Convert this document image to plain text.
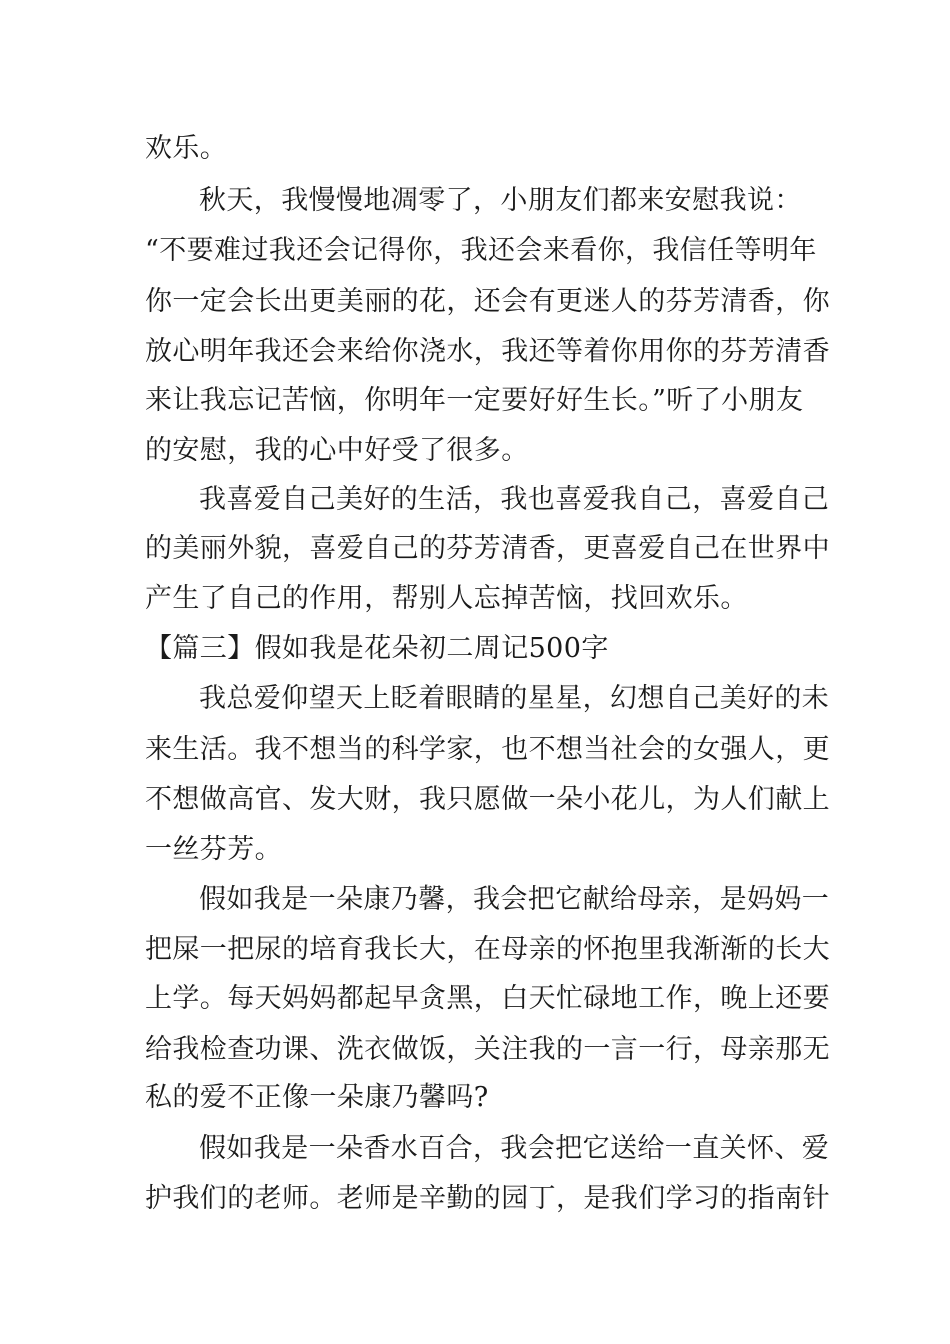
欢乐。
秋天，我慢慢地凋零了，小朋友们都来安慰我说：
“不要难过我还会记得你，我还会来看你，我信任等明年
你一定会长出更美丽的花，还会有更迷人的芬芳清香，你
放心明年我还会来给你浇水，我还等着你用你的芬芳清香
来让我忘记苦恼，你明年一定要好好生长。”听了小朋友
的安慰，我的心中好受了很多。
我喜爱自己美好的生活，我也喜爱我自己，喜爱自己
的美丽外貌，喜爱自己的芬芳清香，更喜爱自己在世界中
产生了自己的作用，帮别人忘掉苦恼，找回欢乐。
【篇三】假如我是花朵初二周记500字
我总爱仰望天上眨着眼睛的星星，幻想自己美好的未
来生活。我不想当的科学家，也不想当社会的女强人，更
不想做高官、发大财，我只愿做一朵小花儿，为人们献上
一丝芬芳。
假如我是一朵康乃馨，我会把它献给母亲，是妈妈一
把屎一把尿的培育我长大，在母亲的怀抱里我渐渐的长大
上学。每天妈妈都起早贪黑，白天忙碌地工作，晚上还要
给我检查功课、洗衣做饭，关注我的一言一行，母亲那无
私的爱不正像一朵康乃馨吗?
假如我是一朵香水百合，我会把它送给一直关怀、爱
护我们的老师。老师是辛勤的园丁，是我们学习的指南针
